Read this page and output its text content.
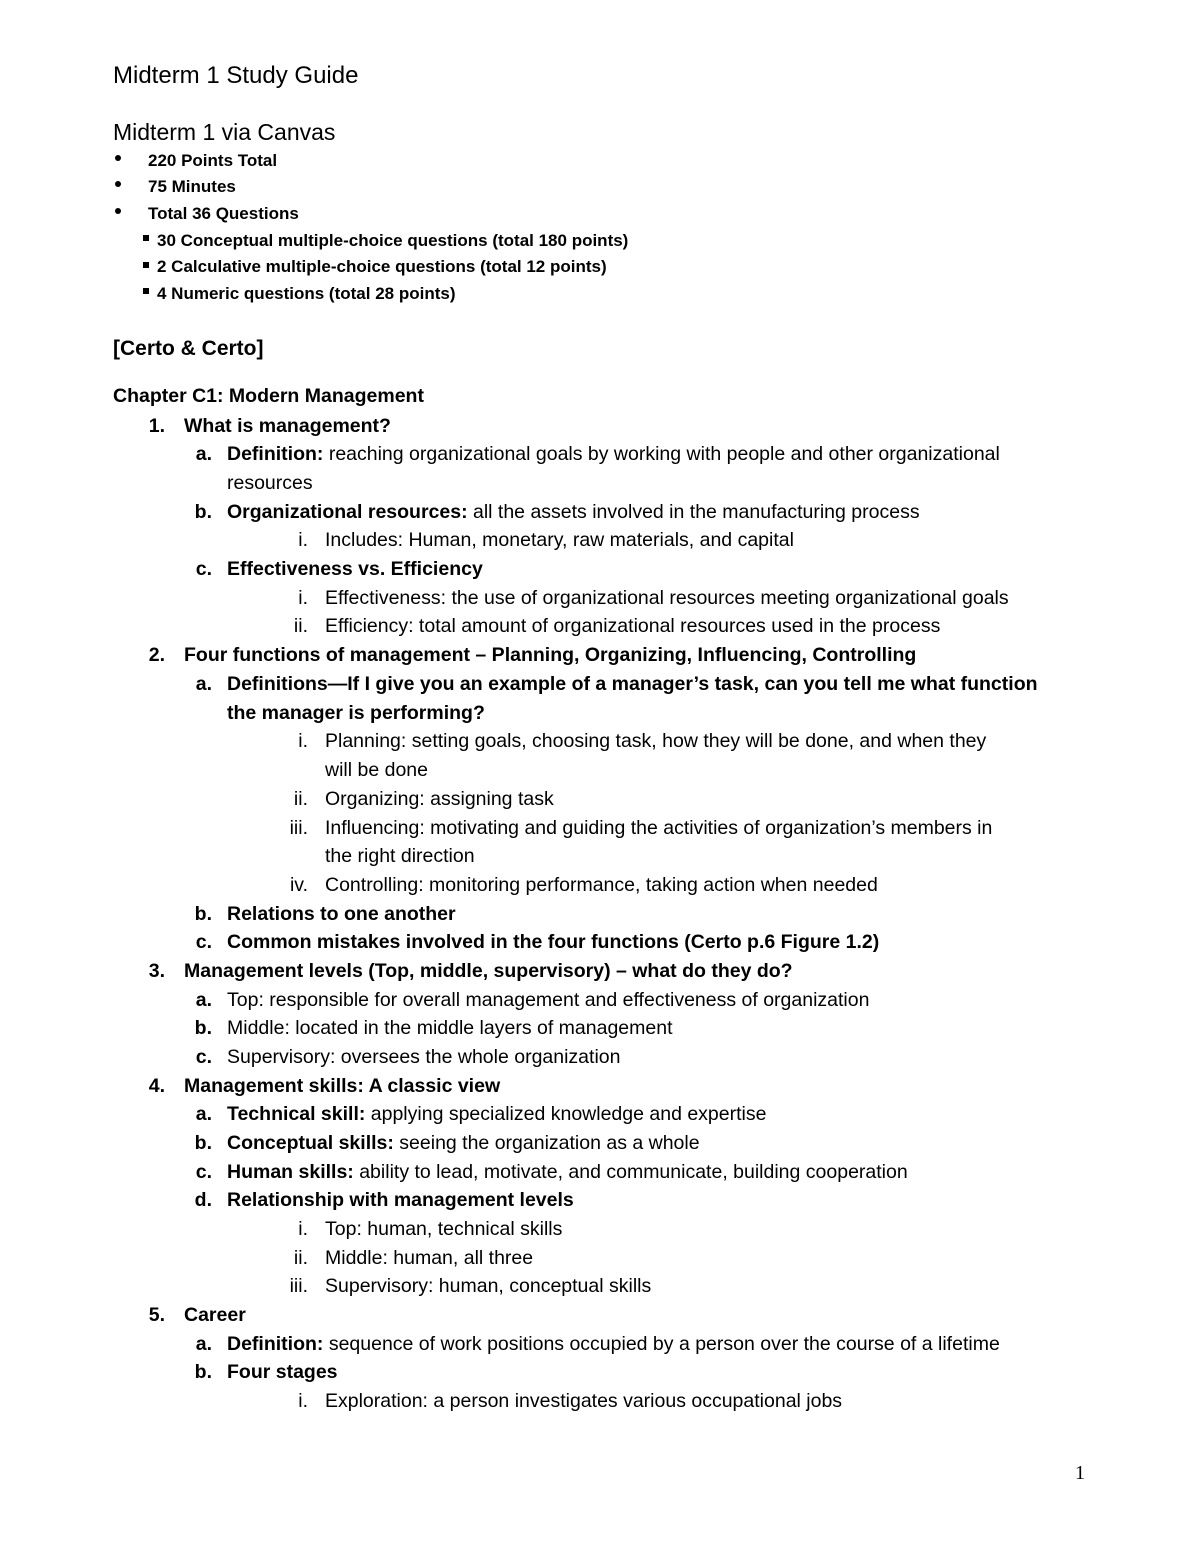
Midterm 1 Study Guide
Midterm 1 via Canvas
220 Points Total
75 Minutes
Total 36 Questions
30 Conceptual multiple-choice questions (total 180 points)
2 Calculative multiple-choice questions (total 12 points)
4 Numeric questions (total 28 points)
[Certo & Certo]
Chapter C1: Modern Management
1. What is management?
a. Definition: reaching organizational goals by working with people and other organizational
resources
b. Organizational resources: all the assets involved in the manufacturing process
i. Includes: Human, monetary, raw materials, and capital
c. Effectiveness vs. Efficiency
i. Effectiveness: the use of organizational resources meeting organizational goals
ii. Efficiency: total amount of organizational resources used in the process
2. Four functions of management – Planning, Organizing, Influencing, Controlling
a. Definitions—If I give you an example of a manager’s task, can you tell me what function
the manager is performing?
i. Planning: setting goals, choosing task, how they will be done, and when they
will be done
ii. Organizing: assigning task
iii. Influencing: motivating and guiding the activities of organization’s members in
the right direction
iv. Controlling: monitoring performance, taking action when needed
b. Relations to one another
c. Common mistakes involved in the four functions (Certo p.6 Figure 1.2)
3. Management levels (Top, middle, supervisory) – what do they do?
a. Top: responsible for overall management and effectiveness of organization
b. Middle: located in the middle layers of management
c. Supervisory: oversees the whole organization
4. Management skills: A classic view
a. Technical skill: applying specialized knowledge and expertise
b. Conceptual skills: seeing the organization as a whole
c. Human skills: ability to lead, motivate, and communicate, building cooperation
d. Relationship with management levels
i. Top: human, technical skills
ii. Middle: human, all three
iii. Supervisory: human, conceptual skills
5. Career
a. Definition: sequence of work positions occupied by a person over the course of a lifetime
b. Four stages
i. Exploration: a person investigates various occupational jobs
1
